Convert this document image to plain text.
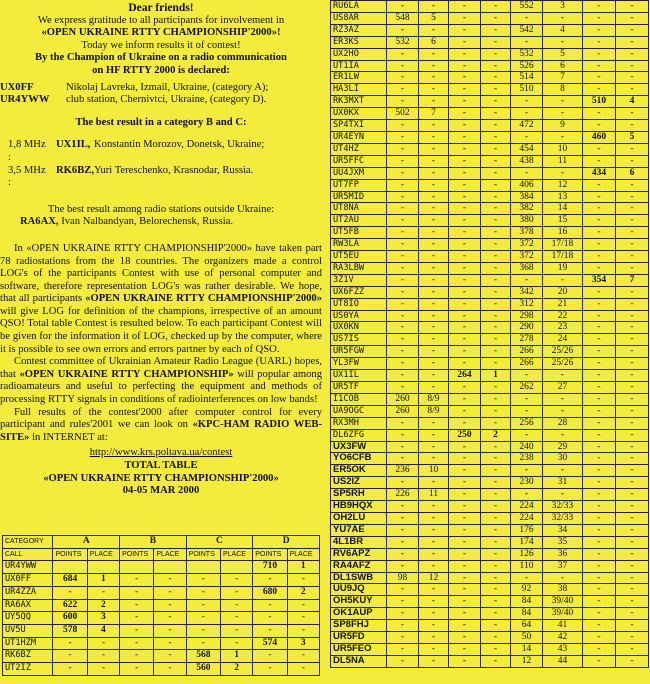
Dear friends!

We express gratitude to all participants for involvement in

«OPEN UKRAINE RTTY CHAMPIONSHIP'2000»!

Today we inform results it of contest!

By the Champion of Ukraine on a radio communication

on HF RTTY 2000 is declared:

UX0FF	Nikolaj Lavreka, Izmail, Ukraine, (category A);
UR4YWW	club station, Chernivtci, Ukraine, (category D).

The best result in a category B and C:

1,8 MHz :
UX1IL, Konstantin Morozov, Donetsk, Ukraine;
3,5 MHz :
RK6BZ, Yuri Tereschenko, Krasnodar, Russia.

The best result among radio stations outside Ukraine:

RA6AX, Ivan Nalbandyan, Belorechensk, Russia.

In «OPEN UKRAINE RTTY CHAMPIONSHIP'2000» have taken part 78 radiostations from the 18 countries. The organizers made a control LOG's of the participants Contest with use of personal computer and software, therefore representation LOG's was rather desirable. We hope, that all participants «OPEN UKRAINE RTTY CHAMPIONSHIP'2000» will give LOG for definition of the champions, irrespective of an amount QSO! Total table Contest is resulted below. To each participant Contest will be given for the information it of LOG, checked up by the computer, where it is possible to see own errors and errors partner by each of QSO.

Contest committee of Ukrainian Amateur Radio League (UARL) hopes, that «OPEN UKRAINE RTTY CHAMPIONSHIP» will popular among radioamateurs and useful to perfecting the equipment and methods of processing RTTY signals in conditions of radiointerferences on low bands!

Full results of the contest'2000 after computer control for every participant and rules'2001 we can look on «KPC-HAM RADIO WEB-SITE» in INTERNET at:

http://www.krs.poltava.ua/contest

TOTAL TABLE

«OPEN UKRAINE RTTY CHAMPIONSHIP'2000»

04-05 MAR 2000

CATEGORY	A		B		C		D	
CALL	POINTS	PLACE	POINTS	PLACE	POINTS	PLACE	POINTS	PLACE
UR4YWW							710	1
UX0FF	684	1	-	-	-	-	-	-
UR4ZZA	-	-	-	-	-	-	680	2
RA6AX	622	2	-	-	-	-	-	-
UY5QQ	600	3	-	-	-	-	-	-
UV5U	578	4	-	-	-	-	-	-
UT1HZM	-	-	-	-	-	-	574	3
RK6BZ	-	-	-	-	568	1	-	-
UT2IZ	-	-	-	-	560	2	-	-
RU6LA	-	-	-	-	552	3	-	-
US8AR	548	5	-	-	-	-	-	-
RZ3AZ	-	-	-	-	542	4	-	-
ER3KS	532	6	-	-	-	-	-	-
UX2HO	-	-	-	-	532	5	-	-
UT1IA	-	-	-	-	526	6	-	-
ER1LW	-	-	-	-	514	7	-	-
HA3LI	-	-	-	-	510	8	-	-
RK3MXT	-	-	-	-	-	-	510	4
UX0KX	502	7	-	-	-	-	-	-
SP4TXI	-	-	-	-	472	9	-	-
UR4EYN	-	-	-	-	-	-	460	5
UT4HZ	-	-	-	-	454	10	-	-
UR5FFC	-	-	-	-	438	11	-	-
UU4JXM	-	-	-	-	-	-	434	6
UT7FP	-	-	-	-	406	12	-	-
UR5MID	-	-	-	-	384	13	-	-
UT8NA	-	-	-	-	382	14	-	-
UT2AU	-	-	-	-	380	15	-	-
UT5FB	-	-	-	-	378	16	-	-
RW3LA	-	-	-	-	372	17/18	-	-
UT5EU	-	-	-	-	372	17/18	-	-
RA3LBW	-	-	-	-	368	19	-	-
3Z1V	-	-	-	-	-	-	354	7
UX6FZZ	-	-	-	-	342	20	-	-
UT8IO	-	-	-	-	312	21	-	-
US0YA	-	-	-	-	298	22	-	-
UX0KN	-	-	-	-	290	23	-	-
US7IS	-	-	-	-	278	24	-	-
UR5FGW	-	-	-	-	266	25/26	-	-
YL3FW	-	-	-	-	266	25/26	-	-
UX1IL	-	-	264	1	-	-	-	-
UR5TF	-	-	-	-	262	27	-	-
I1COB	260	8/9	-	-	-	-	-	-
UA9OGC	260	8/9	-	-	-	-	-	-
RX3MH	-	-	-	-	256	28	-	-
DL6ZFG	-	-	250	2	-	-	-	-
UX3FW	-	-	-	-	240	29	-	-
YO6CFB	-	-	-	-	238	30	-	-
ER5OK	236	10	-	-	-	-	-	-
US2IZ	-	-	-	-	230	31	-	-
SP5RH	226	11	-	-	-	-	-	-
HB9HQX	-	-	-	-	224	32/33	-	-
OH2LU	-	-	-	-	224	32/33	-	-
YU7AE	-	-	-	-	176	34	-	-
4L1BR	-	-	-	-	174	35	-	-
RV6APZ	-	-	-	-	126	36	-	-
RA4AFZ	-	-	-	-	110	37	-	-
DL1SWB	98	12	-	-	-	-	-	-
UU9JQ	-	-	-	-	92	38	-	-
OH5KUY	-	-	-	-	84	39/40	-	-
OK1AUP	-	-	-	-	84	39/40	-	-
SP8FHJ	-	-	-	-	64	41	-	-
UR5FD	-	-	-	-	50	42	-	-
UR5FEO	-	-	-	-	14	43	-	-
DL5NA	-	-	-	-	12	44	-	-
